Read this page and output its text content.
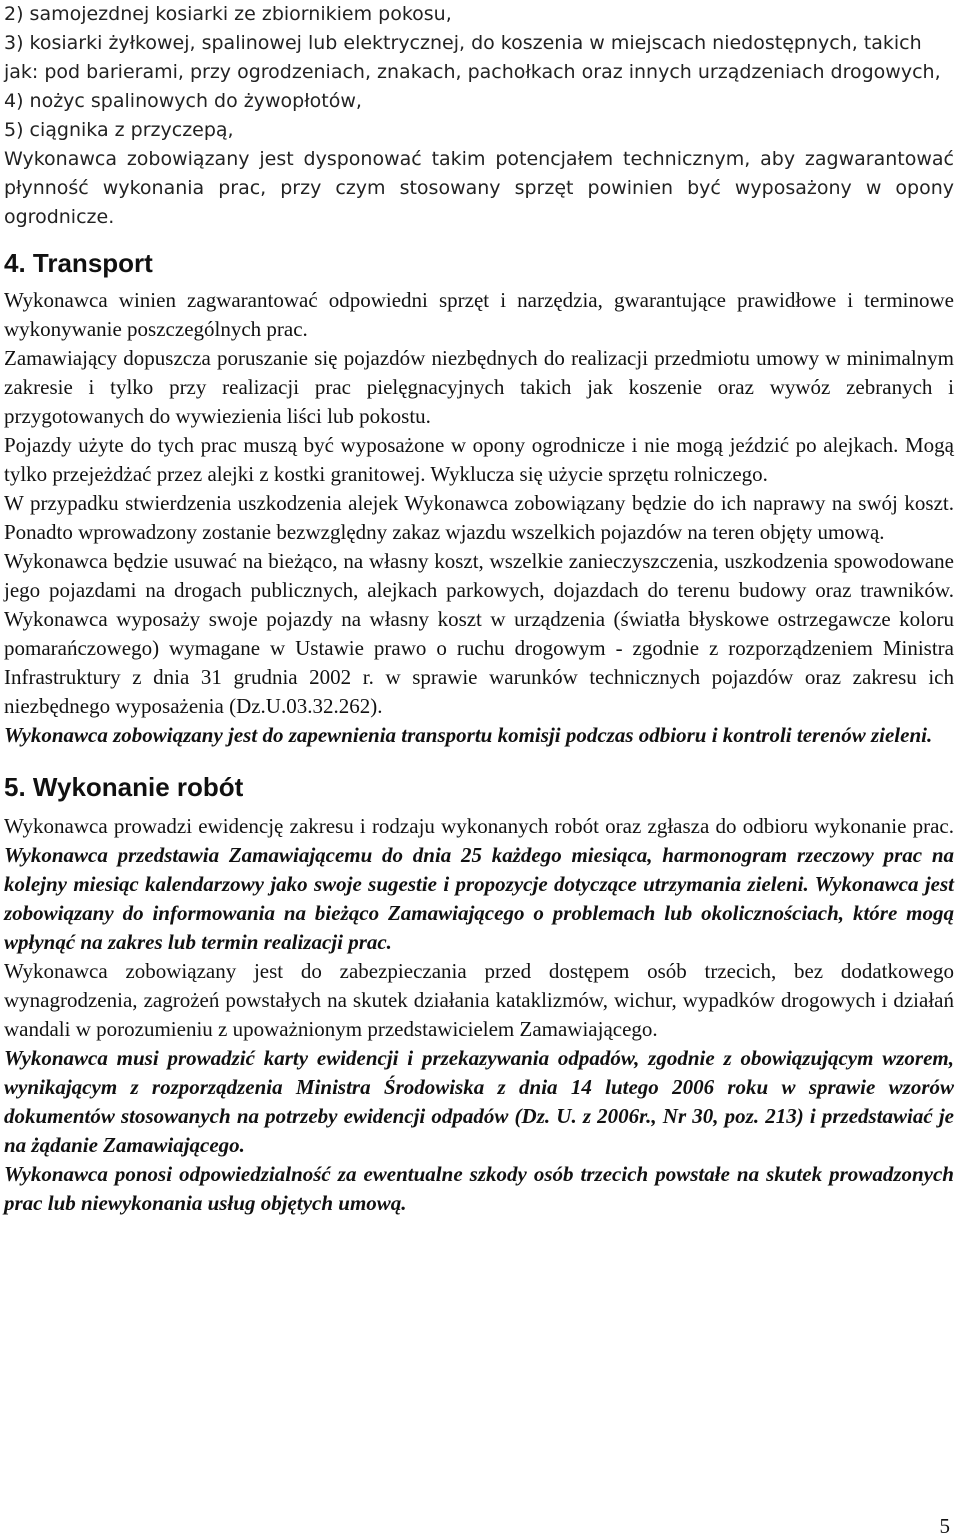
2) samojezdnej kosiarki ze zbiornikiem pokosu,

3) kosiarki żyłkowej, spalinowej lub elektrycznej, do koszenia w miejscach niedostępnych, takich jak: pod barierami, przy ogrodzeniach, znakach, pachołkach oraz innych urządzeniach drogowych,

4) nożyc spalinowych do żywopłotów,

5) ciągnika z przyczepą,

Wykonawca zobowiązany jest dysponować takim potencjałem technicznym, aby zagwarantować płynność wykonania prac, przy czym stosowany sprzęt powinien być wyposażony w opony ogrodnicze.

4. Transport

Wykonawca winien zagwarantować odpowiedni sprzęt i narzędzia, gwarantujące prawidłowe i terminowe wykonywanie poszczególnych prac.

Zamawiający dopuszcza poruszanie się pojazdów niezbędnych do realizacji przedmiotu umowy w minimalnym zakresie i tylko przy realizacji prac pielęgnacyjnych takich jak koszenie oraz wywóz zebranych i przygotowanych do wywiezienia liści lub pokostu.

Pojazdy użyte do tych prac muszą być wyposażone w opony ogrodnicze i nie mogą jeździć po alejkach. Mogą tylko przejeżdżać przez alejki z kostki granitowej. Wyklucza się użycie sprzętu rolniczego.

W przypadku stwierdzenia uszkodzenia alejek Wykonawca zobowiązany będzie do ich naprawy na swój koszt. Ponadto wprowadzony zostanie bezwzględny zakaz wjazdu wszelkich pojazdów na teren objęty umową.

Wykonawca będzie usuwać na bieżąco, na własny koszt, wszelkie zanieczyszczenia, uszkodzenia spowodowane jego pojazdami na drogach publicznych, alejkach parkowych, dojazdach do terenu budowy oraz trawników. Wykonawca wyposaży swoje pojazdy na własny koszt w urządzenia (światła błyskowe ostrzegawcze koloru pomarańczowego) wymagane w Ustawie prawo o ruchu drogowym - zgodnie z rozporządzeniem Ministra Infrastruktury z dnia 31 grudnia 2002 r. w sprawie warunków technicznych pojazdów oraz zakresu ich niezbędnego wyposażenia (Dz.U.03.32.262).

Wykonawca zobowiązany jest do zapewnienia transportu komisji podczas odbioru i kontroli terenów zieleni.

5. Wykonanie robót

Wykonawca prowadzi ewidencję zakresu i rodzaju wykonanych robót oraz zgłasza do odbioru wykonanie prac. Wykonawca przedstawia Zamawiającemu do dnia 25 każdego miesiąca, harmonogram rzeczowy prac na kolejny miesiąc kalendarzowy jako swoje sugestie i propozycje dotyczące utrzymania zieleni. Wykonawca jest zobowiązany do informowania na bieżąco Zamawiającego o problemach lub okolicznościach, które mogą wpłynąć na zakres lub termin realizacji prac.

Wykonawca zobowiązany jest do zabezpieczania przed dostępem osób trzecich, bez dodatkowego wynagrodzenia, zagrożeń powstałych na skutek działania kataklizmów, wichur, wypadków drogowych i działań wandali w porozumieniu z upoważnionym przedstawicielem Zamawiającego.

Wykonawca musi prowadzić karty ewidencji i przekazywania odpadów, zgodnie z obowiązującym wzorem, wynikającym z rozporządzenia Ministra Środowiska z dnia 14 lutego 2006 roku w sprawie wzorów dokumentów stosowanych na potrzeby ewidencji odpadów (Dz. U. z 2006r., Nr 30, poz. 213) i przedstawiać je na żądanie Zamawiającego.

Wykonawca ponosi odpowiedzialność za ewentualne szkody osób trzecich powstałe na skutek prowadzonych prac lub niewykonania usług objętych umową.

5
